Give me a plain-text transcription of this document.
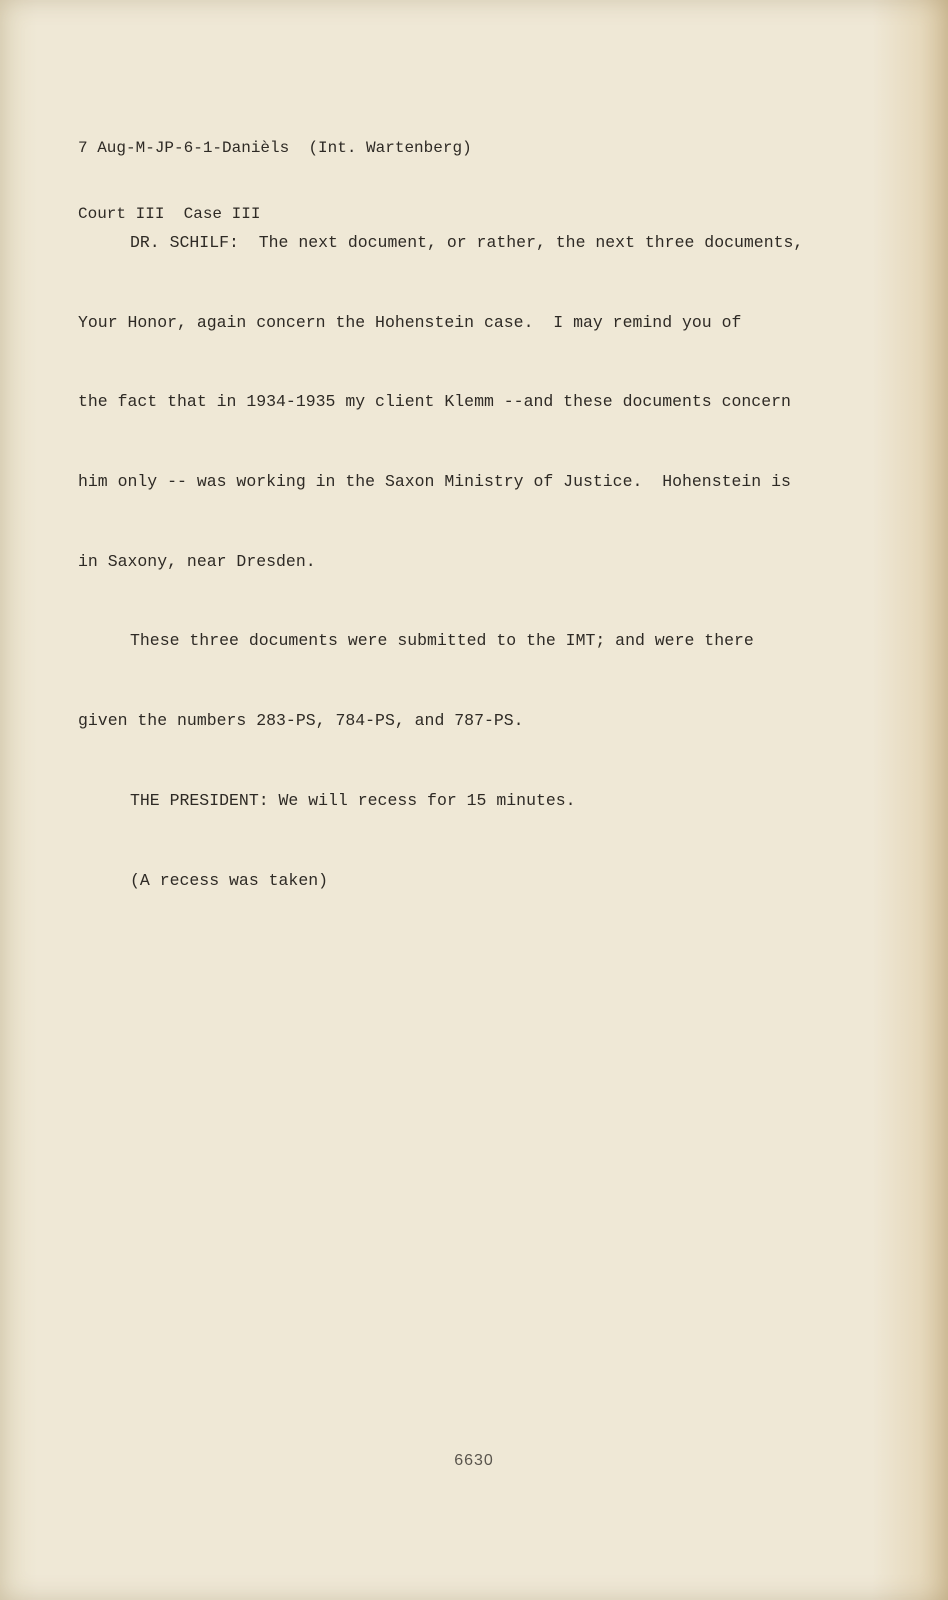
7 Aug-M-JP-6-1-Danièls  (Int. Wartenberg)

Court III  Case III

DR. SCHILF:  The next document, or rather, the next three documents,

Your Honor, again concern the Hohenstein case.  I may remind you of

the fact that in 1934-1935 my client Klemm --and these documents concern

him only -- was working in the Saxon Ministry of Justice.  Hohenstein is

in Saxony, near Dresden.

These three documents were submitted to the IMT; and were there

given the numbers 283-PS, 784-PS, and 787-PS.

THE PRESIDENT: We will recess for 15 minutes.

(A recess was taken)

6630
